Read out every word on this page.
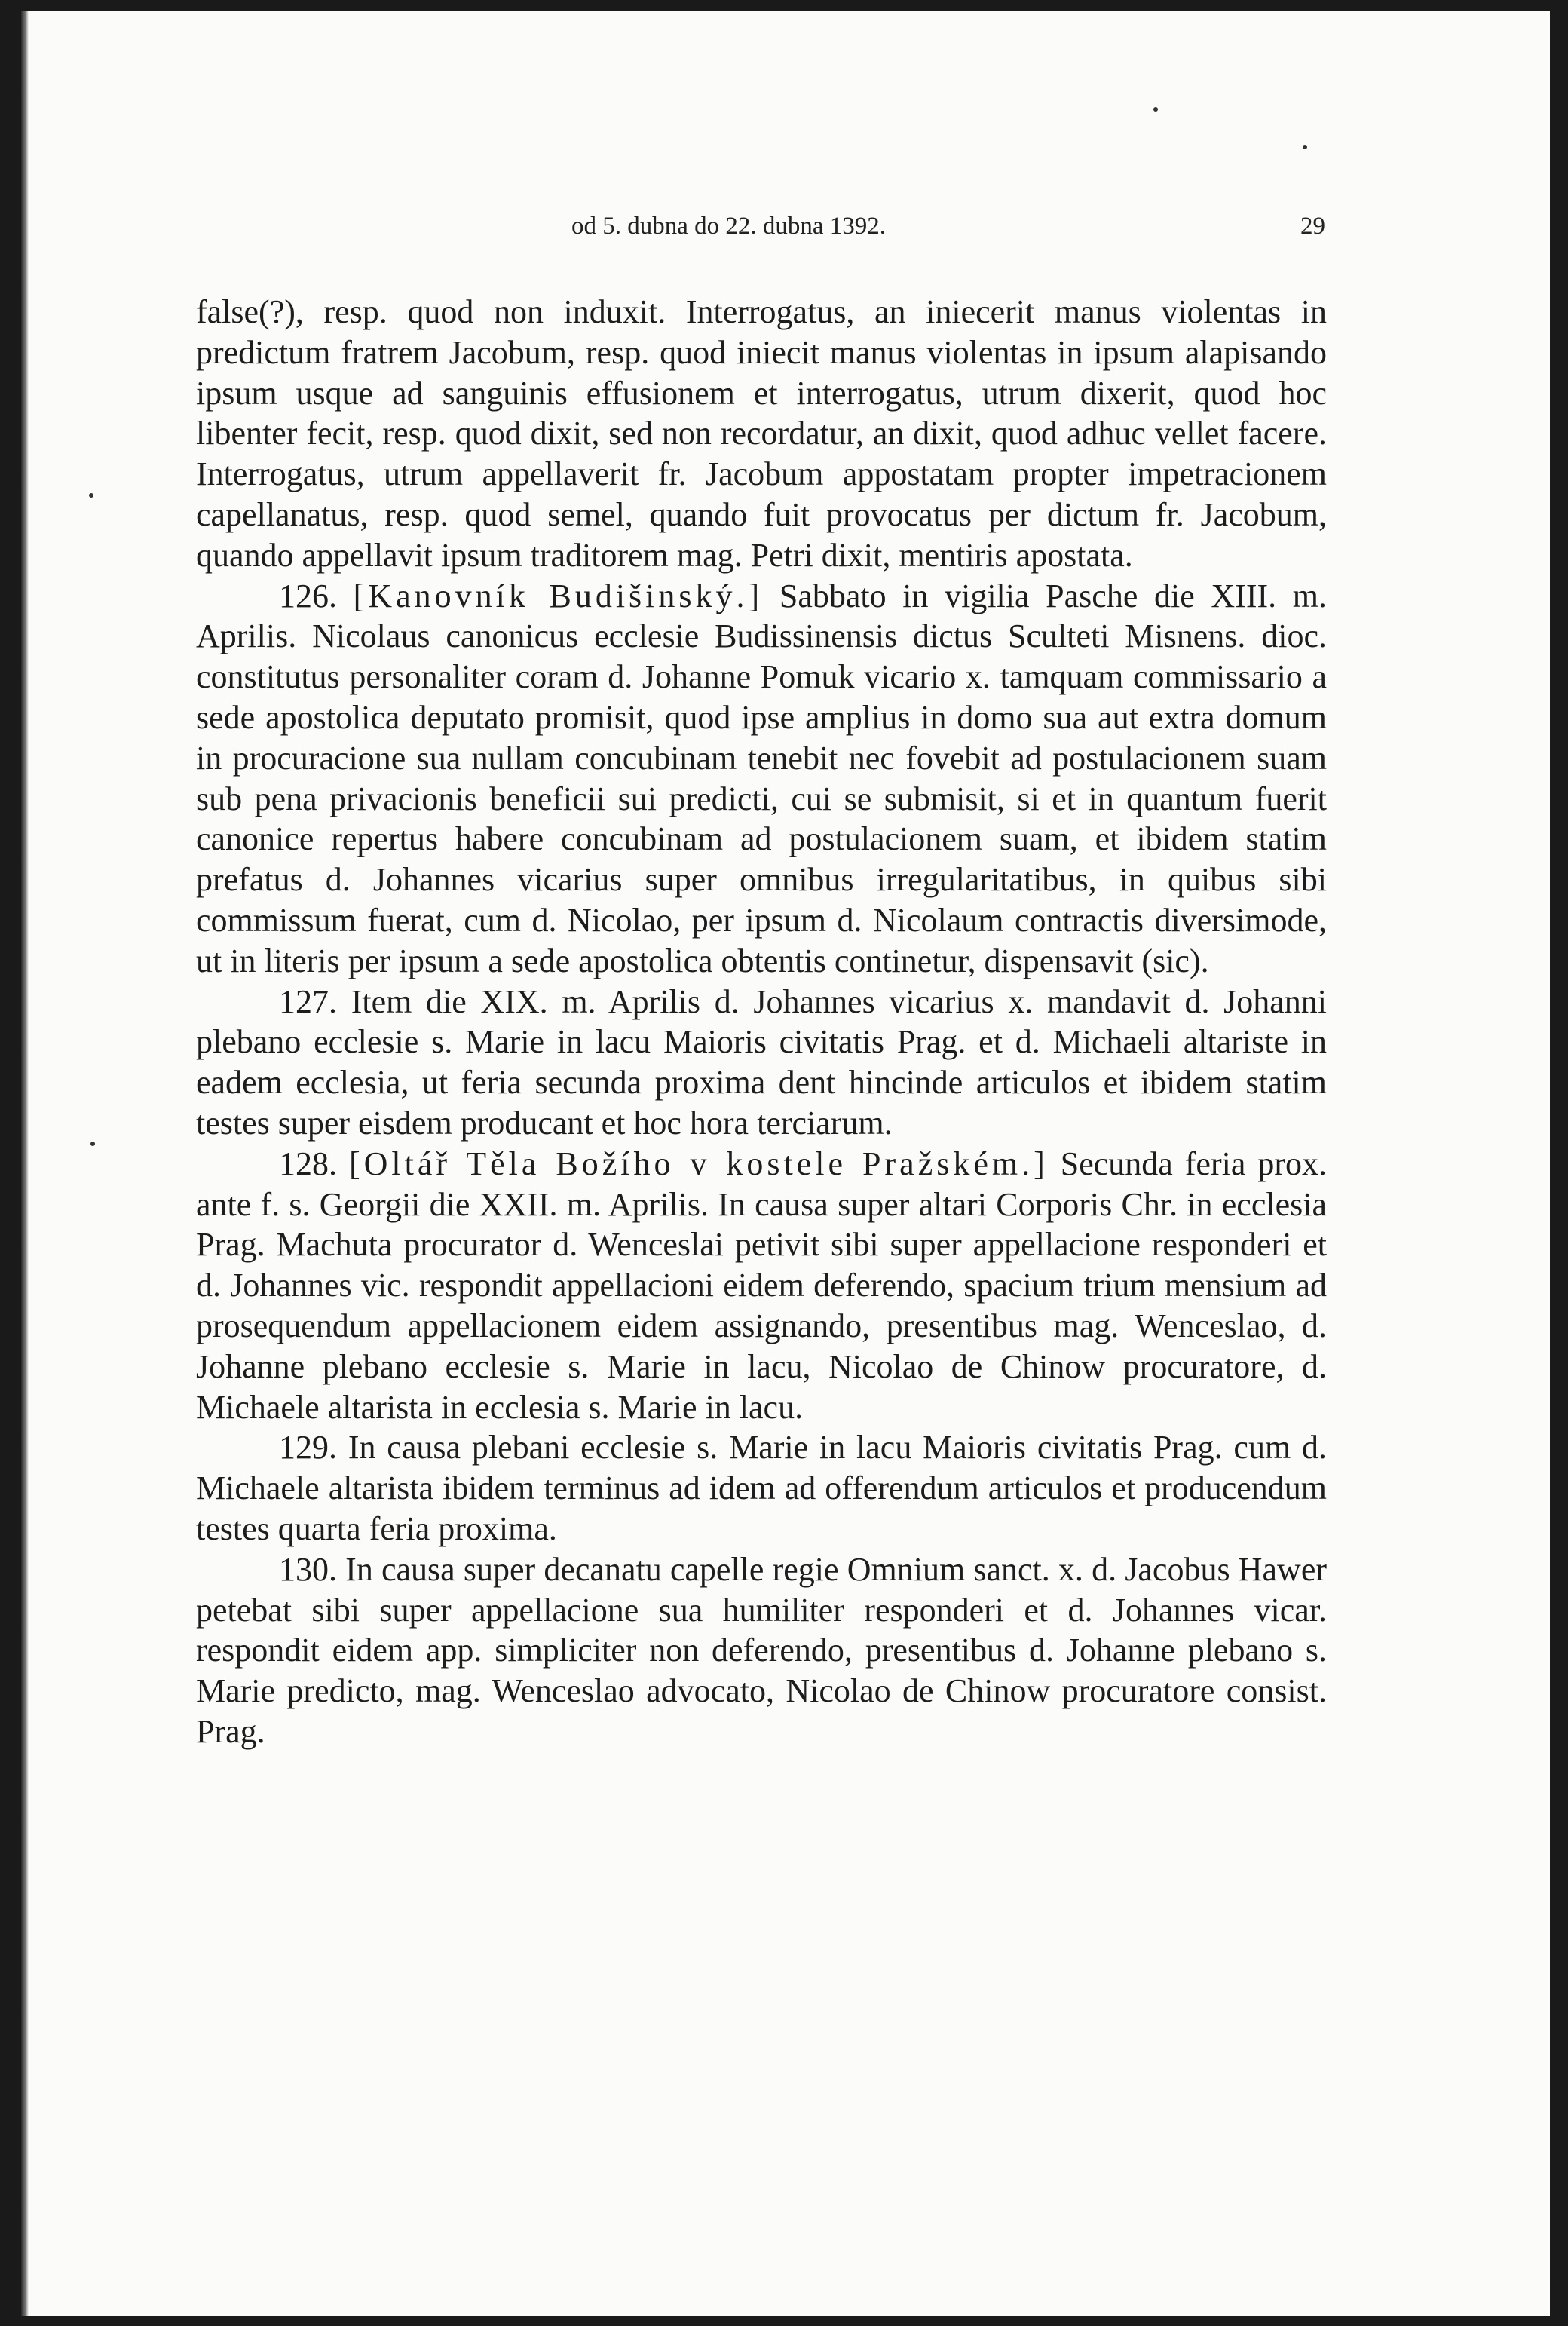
od 5. dubna do 22. dubna 1392.	29

false(?), resp. quod non induxit. Interrogatus, an iniecerit manus violentas in predictum fratrem Jacobum, resp. quod iniecit manus violentas in ipsum alapisando ipsum usque ad sanguinis effusionem et interrogatus, utrum dixerit, quod hoc libenter fecit, resp. quod dixit, sed non recordatur, an dixit, quod adhuc vellet facere. Interrogatus, utrum appellaverit fr. Jacobum appostatam propter impetracionem capellanatus, resp. quod semel, quando fuit provocatus per dictum fr. Jacobum, quando appellavit ipsum traditorem mag. Petri dixit, mentiris apostata.

126. [Kanovník Budišinský.] Sabbato in vigilia Pasche die XIII. m. Aprilis. Nicolaus canonicus ecclesie Budissinensis dictus Sculteti Misnens. dioc. constitutus personaliter coram d. Johanne Pomuk vicario x. tamquam commissario a sede apostolica deputato promisit, quod ipse amplius in domo sua aut extra domum in procuracione sua nullam concubinam tenebit nec fovebit ad postulacionem suam sub pena privacionis beneficii sui predicti, cui se submisit, si et in quantum fuerit canonice repertus habere concubinam ad postulacionem suam, et ibidem statim prefatus d. Johannes vicarius super omnibus irregularitatibus, in quibus sibi commissum fuerat, cum d. Nicolao, per ipsum d. Nicolaum contractis diversimode, ut in literis per ipsum a sede apostolica obtentis continetur, dispensavit (sic).

127. Item die XIX. m. Aprilis d. Johannes vicarius x. mandavit d. Johanni plebano ecclesie s. Marie in lacu Maioris civitatis Prag. et d. Michaeli altariste in eadem ecclesia, ut feria secunda proxima dent hincinde articulos et ibidem statim testes super eisdem producant et hoc hora terciarum.

128. [Oltář Těla Božího v kostele Pražském.] Secunda feria prox. ante f. s. Georgii die XXII. m. Aprilis. In causa super altari Corporis Chr. in ecclesia Prag. Machuta procurator d. Wenceslai petivit sibi super appellacione responderi et d. Johannes vic. respondit appellacioni eidem deferendo, spacium trium mensium ad prosequendum appellacionem eidem assignando, presentibus mag. Wenceslao, d. Johanne plebano ecclesie s. Marie in lacu, Nicolao de Chinow procuratore, d. Michaele altarista in ecclesia s. Marie in lacu.

129. In causa plebani ecclesie s. Marie in lacu Maioris civitatis Prag. cum d. Michaele altarista ibidem terminus ad idem ad offerendum articulos et producendum testes quarta feria proxima.

130. In causa super decanatu capelle regie Omnium sanct. x. d. Jacobus Hawer petebat sibi super appellacione sua humiliter responderi et d. Johannes vicar. respondit eidem app. simpliciter non deferendo, presentibus d. Johanne plebano s. Marie predicto, mag. Wenceslao advocato, Nicolao de Chinow procuratore consist. Prag.
